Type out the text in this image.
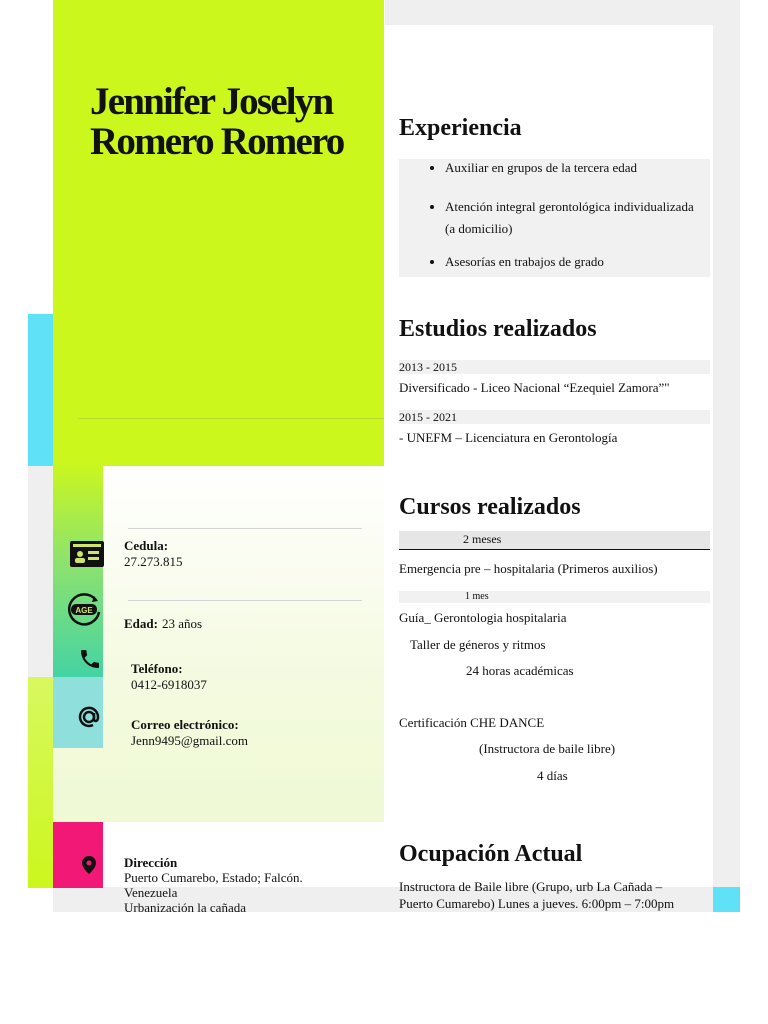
Jennifer Joselyn
Romero Romero
AGE
Cedula:
27.273.815
Edad: 23 años
Teléfono:
0412-6918037
Correo electrónico:
Jenn9495@gmail.com
Dirección
Puerto Cumarebo, Estado; Falcón.
Venezuela
Urbanización la cañada
Experiencia
• Auxiliar en grupos de la tercera edad
• Atención integral gerontológica individualizada (a domicilio)
• Asesorías en trabajos de grado
Estudios realizados
2013 - 2015
Diversificado - Liceo Nacional “Ezequiel Zamora”"
2015 - 2021
- UNEFM – Licenciatura en Gerontología
Cursos realizados
2 meses
Emergencia pre – hospitalaria (Primeros auxilios)
1 mes
Guía_ Gerontologia hospitalaria
Taller de géneros y ritmos
24 horas académicas
Certificación CHE DANCE
(Instructora de baile libre)
4 días
Ocupación Actual
Instructora de Baile libre (Grupo, urb La Cañada –
Puerto Cumarebo) Lunes a jueves. 6:00pm – 7:00pm
